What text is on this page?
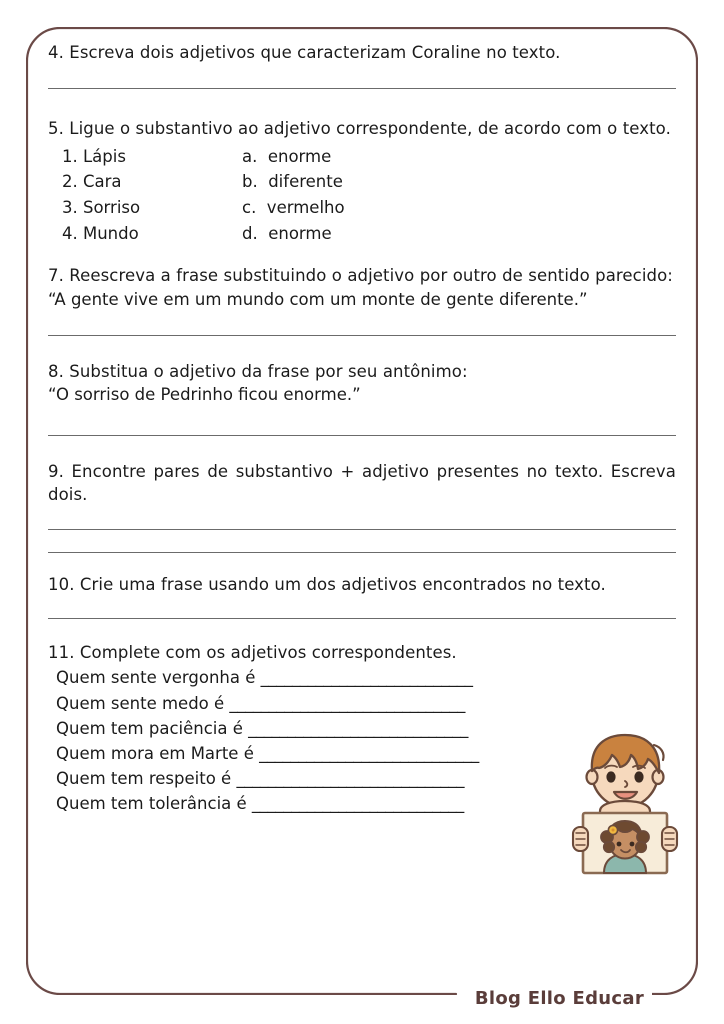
4. Escreva dois adjetivos que caracterizam Coraline no texto.
5. Ligue o substantivo ao adjetivo correspondente, de acordo com o texto.
1. Lápis
2. Cara
3. Sorriso
4. Mundo
a.  enorme
b.  diferente
c.  vermelho
d.  enorme
7. Reescreva a frase substituindo o adjetivo por outro de sentido parecido:
“A gente vive em um mundo com um monte de gente diferente.”
8. Substitua o adjetivo da frase por seu antônimo:
“O sorriso de Pedrinho ficou enorme.”
9. Encontre pares de substantivo + adjetivo presentes no texto. Escreva dois.
10. Crie uma frase usando um dos adjetivos encontrados no texto.
11. Complete com os adjetivos correspondentes.
Quem sente vergonha é ___________________________
Quem sente medo é ______________________________
Quem tem paciência é ____________________________
Quem mora em Marte é ____________________________
Quem tem respeito é _____________________________
Quem tem tolerância é ___________________________
Blog Ello Educar
